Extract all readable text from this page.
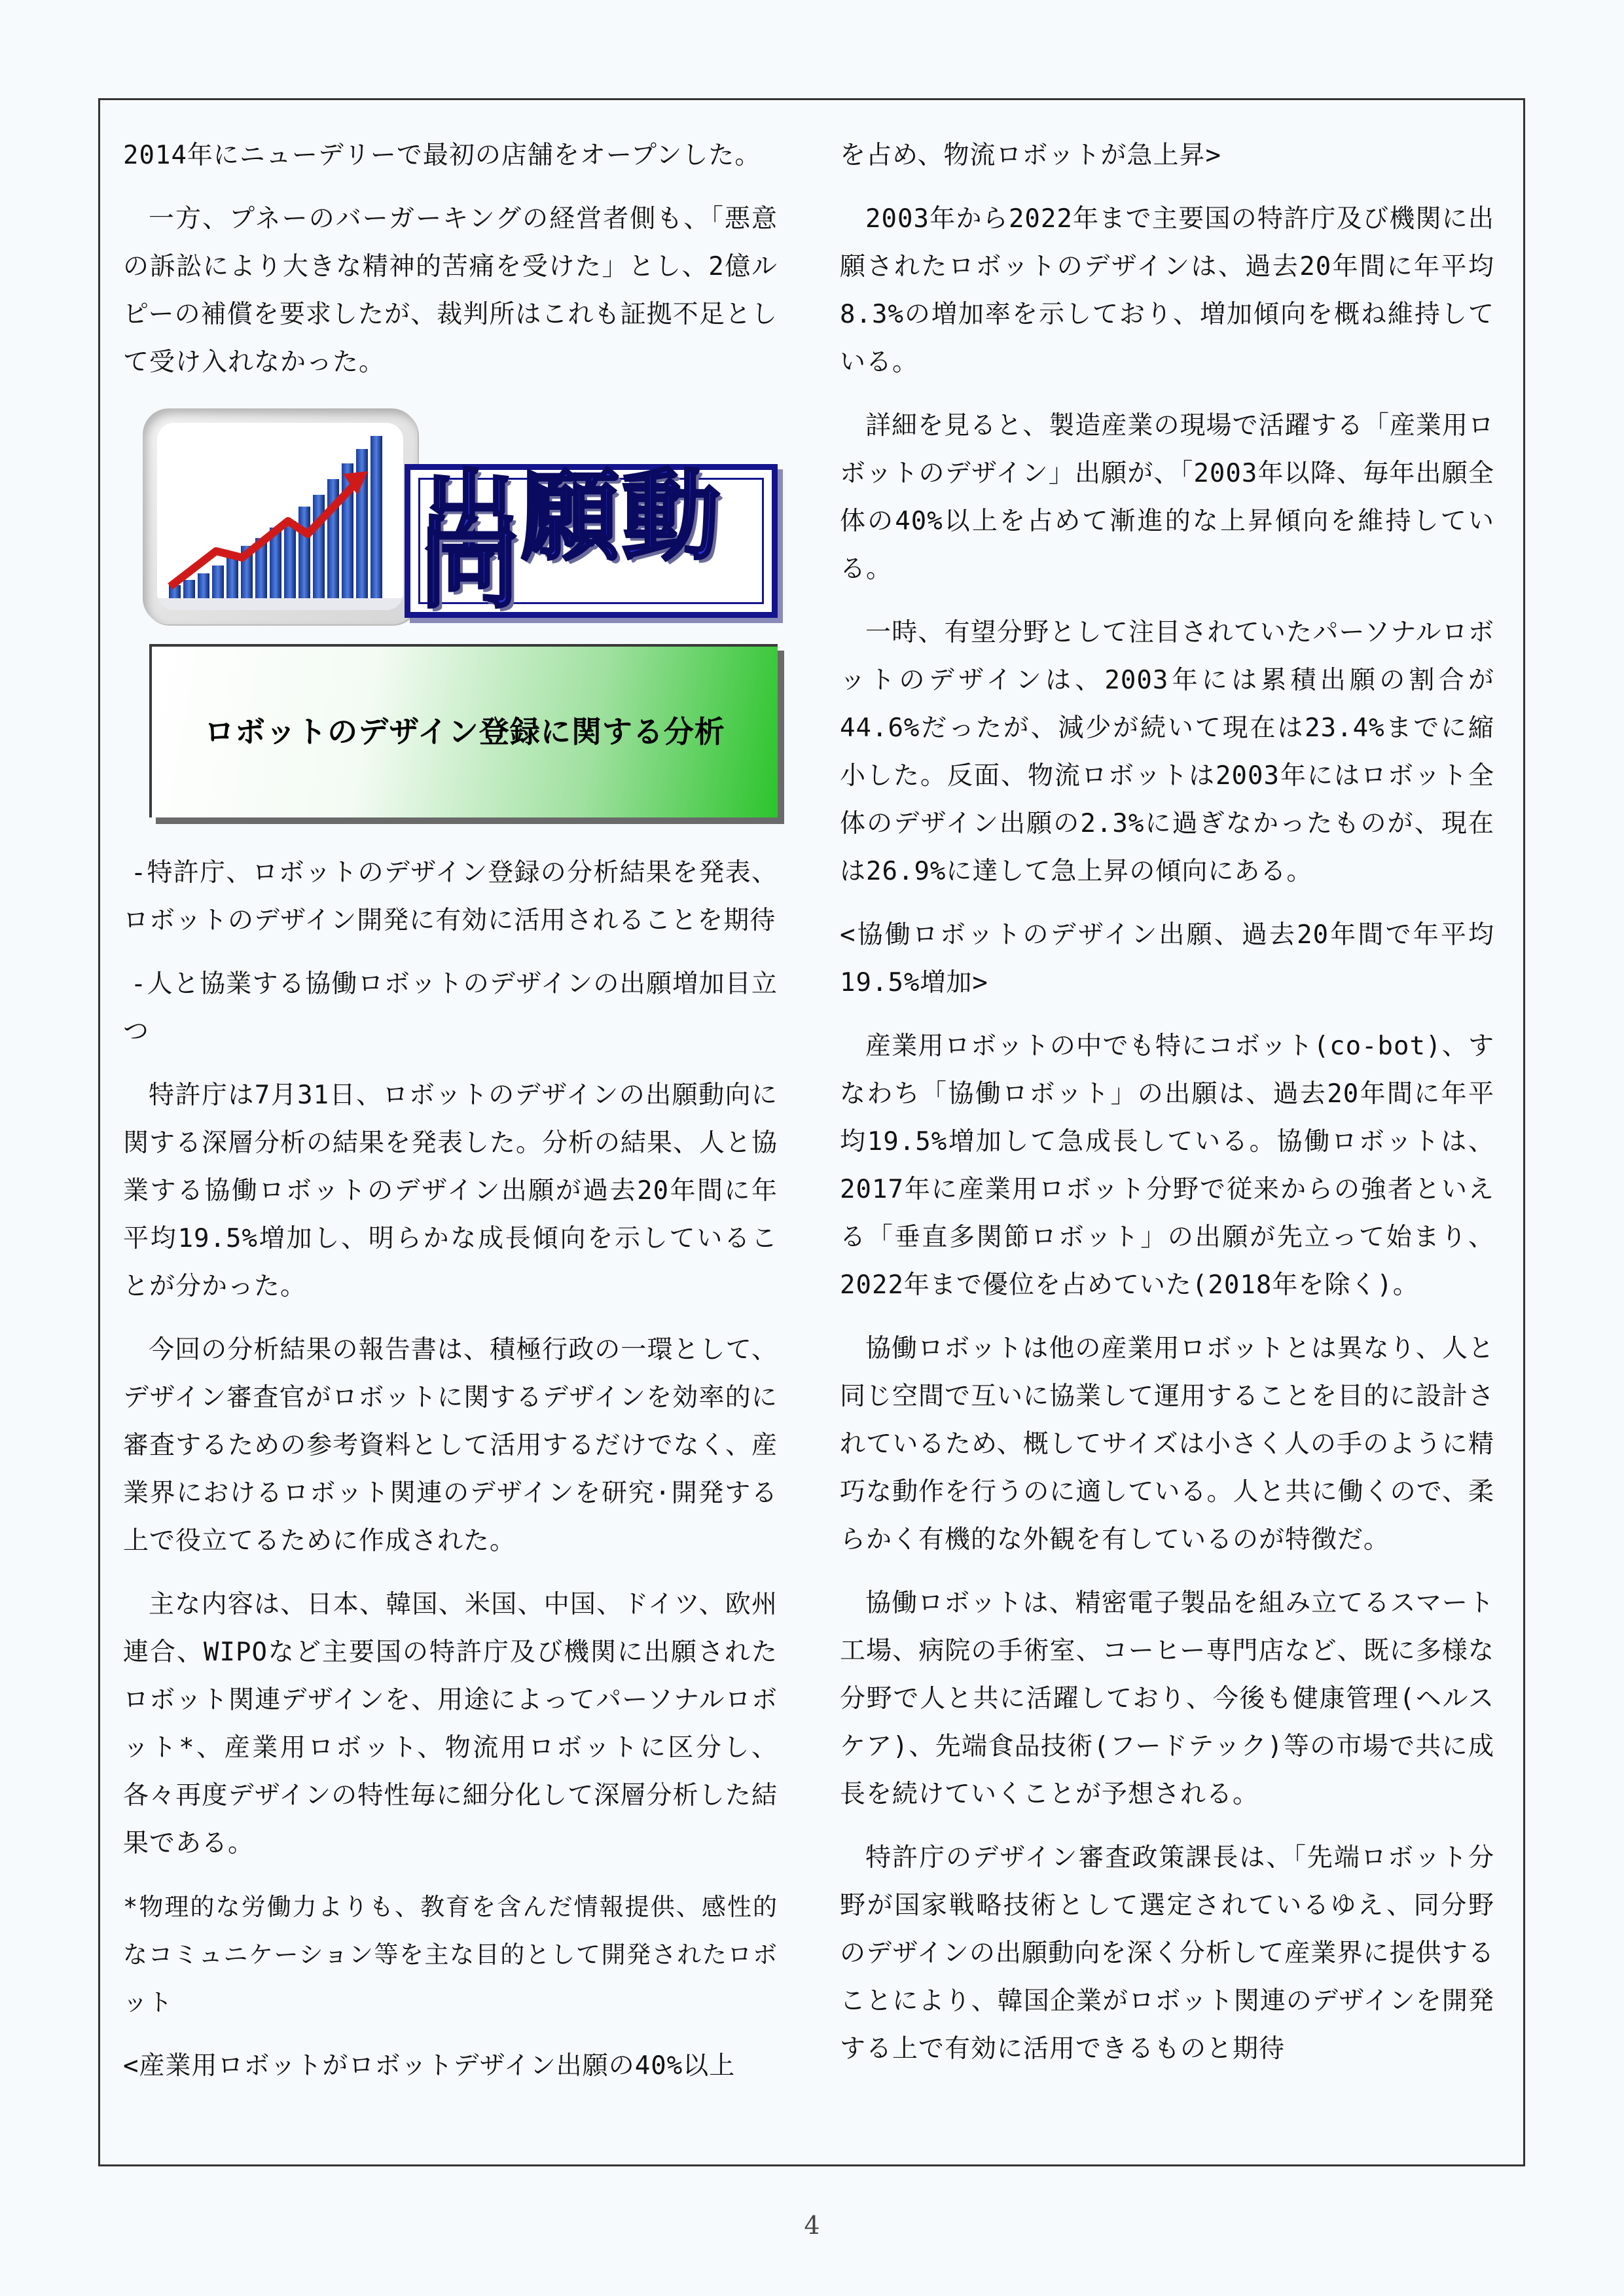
2014年にニューデリーで最初の店舗をオープンした。

一方、プネーのバーガーキングの経営者側も、「悪意の訴訟により大きな精神的苦痛を受けた」とし、2億ルピーの補償を要求したが、裁判所はこれも証拠不足として受け入れなかった。

出願動向
ロボットのデザイン登録に関する分析

-特許庁、ロボットのデザイン登録の分析結果を発表、ロボットのデザイン開発に有効に活用されることを期待

-人と協業する協働ロボットのデザインの出願増加目立つ

特許庁は7月31日、ロボットのデザインの出願動向に関する深層分析の結果を発表した。分析の結果、人と協業する協働ロボットのデザイン出願が過去20年間に年平均19.5%増加し、明らかな成長傾向を示していることが分かった。

今回の分析結果の報告書は、積極行政の一環として、デザイン審査官がロボットに関するデザインを効率的に審査するための参考資料として活用するだけでなく、産業界におけるロボット関連のデザインを研究·開発する上で役立てるために作成された。

主な内容は、日本、韓国、米国、中国、ドイツ、欧州連合、WIPOなど主要国の特許庁及び機関に出願されたロボット関連デザインを、用途によってパーソナルロボット*、産業用ロボット、物流用ロボットに区分し、各々再度デザインの特性毎に細分化して深層分析した結果である。

*物理的な労働力よりも、教育を含んだ情報提供、感性的なコミュニケーション等を主な目的として開発されたロボット

<産業用ロボットがロボットデザイン出願の40%以上

を占め、物流ロボットが急上昇>

2003年から2022年まで主要国の特許庁及び機関に出願されたロボットのデザインは、過去20年間に年平均8.3%の増加率を示しており、増加傾向を概ね維持している。

詳細を見ると、製造産業の現場で活躍する「産業用ロボットのデザイン」出願が、「2003年以降、毎年出願全体の40%以上を占めて漸進的な上昇傾向を維持している。

一時、有望分野として注目されていたパーソナルロボットのデザインは、2003年には累積出願の割合が44.6%だったが、減少が続いて現在は23.4%までに縮小した。反面、物流ロボットは2003年にはロボット全体のデザイン出願の2.3%に過ぎなかったものが、現在は26.9%に達して急上昇の傾向にある。

<協働ロボットのデザイン出願、過去20年間で年平均19.5%増加>

産業用ロボットの中でも特にコボット(co-bot)、すなわち「協働ロボット」の出願は、過去20年間に年平均19.5%増加して急成長している。協働ロボットは、2017年に産業用ロボット分野で従来からの強者といえる「垂直多関節ロボット」の出願が先立って始まり、2022年まで優位を占めていた(2018年を除く)。

協働ロボットは他の産業用ロボットとは異なり、人と同じ空間で互いに協業して運用することを目的に設計されているため、概してサイズは小さく人の手のように精巧な動作を行うのに適している。人と共に働くので、柔らかく有機的な外観を有しているのが特徴だ。

協働ロボットは、精密電子製品を組み立てるスマート工場、病院の手術室、コーヒー専門店など、既に多様な分野で人と共に活躍しており、今後も健康管理(ヘルスケア)、先端食品技術(フードテック)等の市場で共に成長を続けていくことが予想される。

特許庁のデザイン審査政策課長は、「先端ロボット分野が国家戦略技術として選定されているゆえ、同分野のデザインの出願動向を深く分析して産業界に提供することにより、韓国企業がロボット関連のデザインを開発する上で有効に活用できるものと期待

4
